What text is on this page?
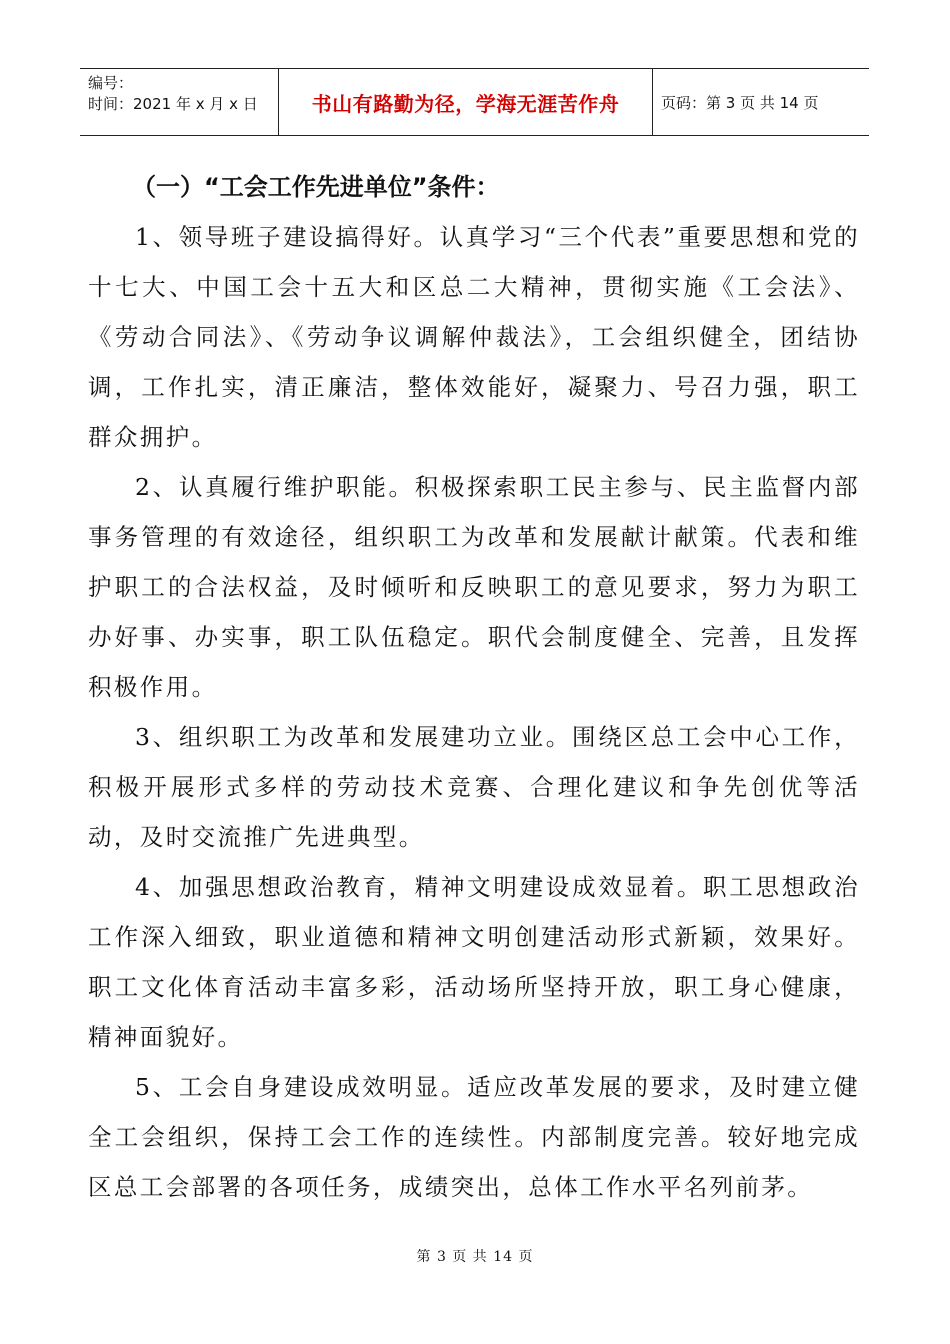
编号：
时间：2021 年 x 月 x 日	书山有路勤为径，学海无涯苦作舟	页码：第 3 页 共 14 页
（一）“工会工作先进单位”条件：

1、领导班子建设搞得好。认真学习“三个代表”重要思想和党的十七大、中国工会十五大和区总二大精神，贯彻实施《工会法》、《劳动合同法》、《劳动争议调解仲裁法》，工会组织健全，团结协调，工作扎实，清正廉洁，整体效能好，凝聚力、号召力强，职工群众拥护。

2、认真履行维护职能。积极探索职工民主参与、民主监督内部事务管理的有效途径，组织职工为改革和发展献计献策。代表和维护职工的合法权益，及时倾听和反映职工的意见要求，努力为职工办好事、办实事，职工队伍稳定。职代会制度健全、完善，且发挥积极作用。

3、组织职工为改革和发展建功立业。围绕区总工会中心工作，积极开展形式多样的劳动技术竞赛、合理化建议和争先创优等活动，及时交流推广先进典型。

4、加强思想政治教育，精神文明建设成效显着。职工思想政治工作深入细致，职业道德和精神文明创建活动形式新颖，效果好。职工文化体育活动丰富多彩，活动场所坚持开放，职工身心健康，精神面貌好。

5、工会自身建设成效明显。适应改革发展的要求，及时建立健全工会组织，保持工会工作的连续性。内部制度完善。较好地完成区总工会部署的各项任务，成绩突出，总体工作水平名列前茅。

第 3 页 共 14 页
